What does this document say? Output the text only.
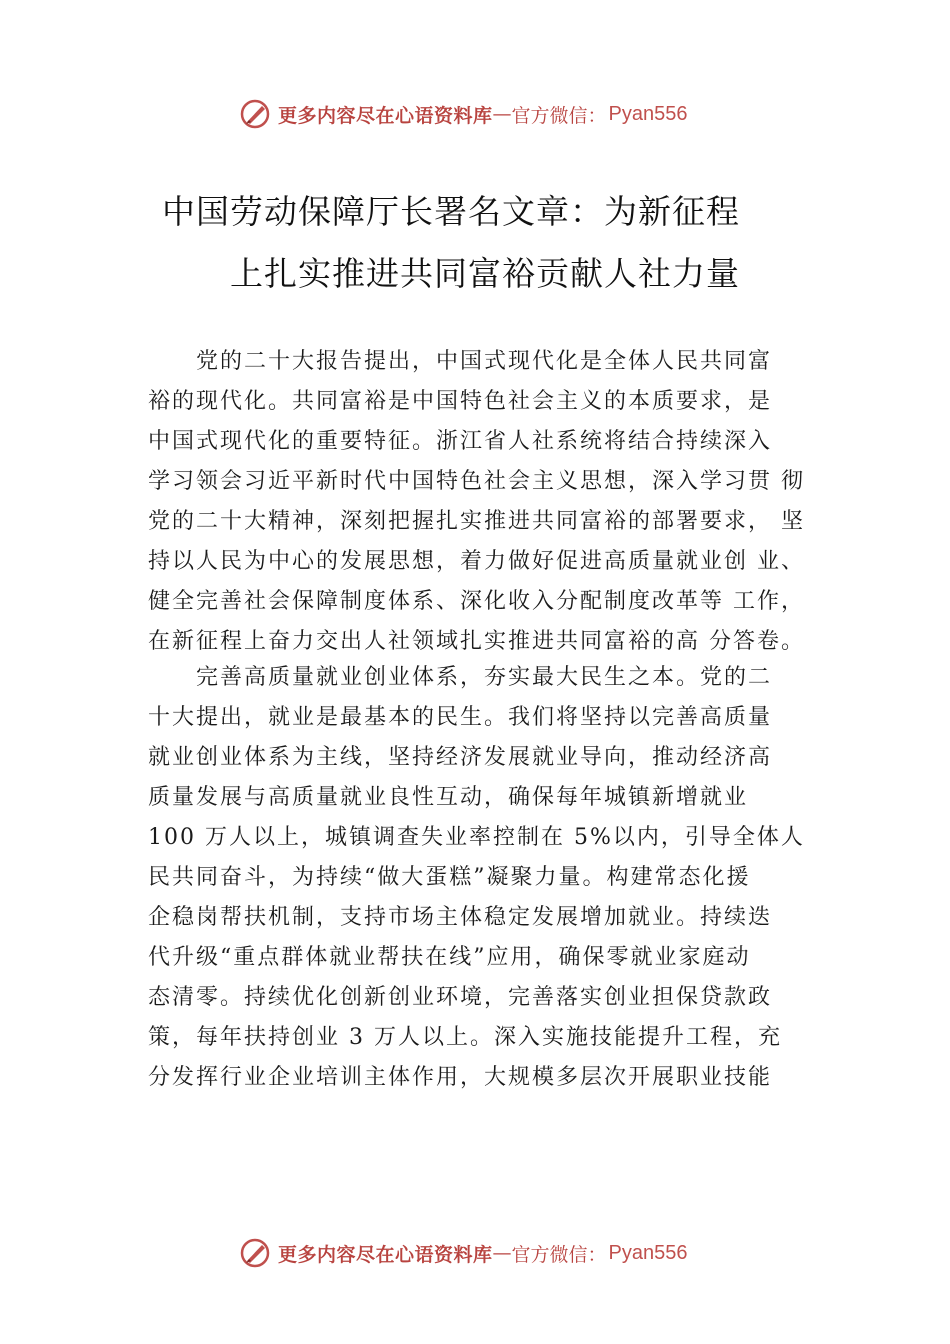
更多内容尽在心语资料库 — 官方微信： Pyan556
中国劳动保障厅长署名文章：为新征程
上扎实推进共同富裕贡献人社力量
党的二十大报告提出，中国式现代化是全体人民共同富
裕的现代化。共同富裕是中国特色社会主义的本质要求，是
中国式现代化的重要特征。浙江省人社系统将结合持续深入
学习领会习近平新时代中国特色社会主义思想，深入学习贯 彻
党的二十大精神，深刻把握扎实推进共同富裕的部署要求， 坚
持以人民为中心的发展思想，着力做好促进高质量就业创 业、
健全完善社会保障制度体系、深化收入分配制度改革等 工作，
在新征程上奋力交出人社领域扎实推进共同富裕的高 分答卷。
完善高质量就业创业体系，夯实最大民生之本。党的二
十大提出，就业是最基本的民生。我们将坚持以完善高质量
就业创业体系为主线，坚持经济发展就业导向，推动经济高
质量发展与高质量就业良性互动，确保每年城镇新增就业
100 万人以上，城镇调查失业率控制在 5%以内，引导全体人
民共同奋斗，为持续“做大蛋糕”凝聚力量。构建常态化援
企稳岗帮扶机制，支持市场主体稳定发展增加就业。持续迭
代升级“重点群体就业帮扶在线”应用，确保零就业家庭动
态清零。持续优化创新创业环境，完善落实创业担保贷款政
策，每年扶持创业 3 万人以上。深入实施技能提升工程，充
分发挥行业企业培训主体作用，大规模多层次开展职业技能
更多内容尽在心语资料库 — 官方微信： Pyan556
